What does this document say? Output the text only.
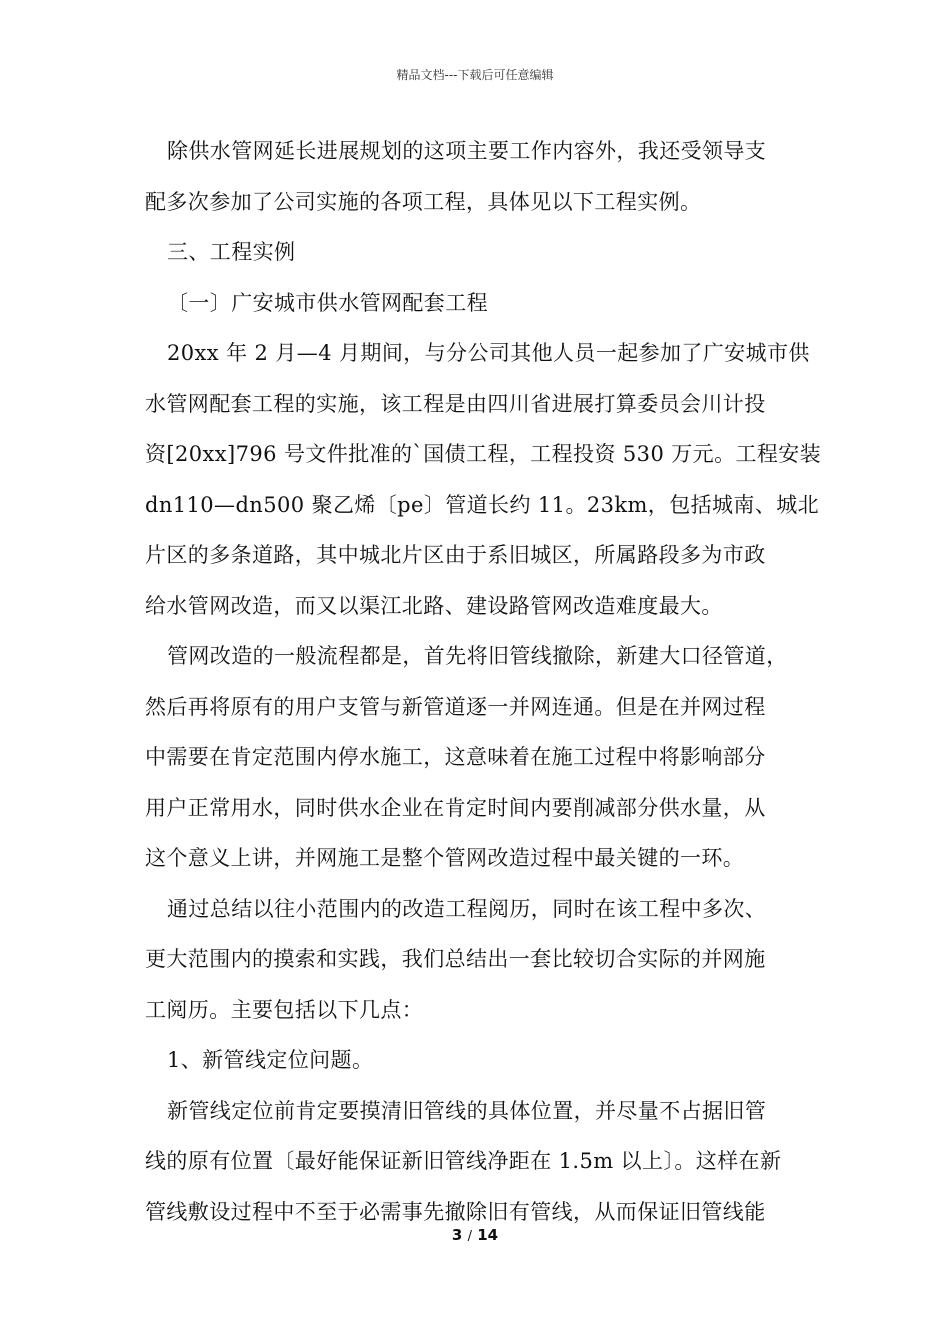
精品文档---下载后可任意编辑
除供水管网延长进展规划的这项主要工作内容外，我还受领导支
配多次参加了公司实施的各项工程，具体见以下工程实例。
三、工程实例
〔一〕广安城市供水管网配套工程
20xx 年 2 月—4 月期间，与分公司其他人员一起参加了广安城市供
水管网配套工程的实施，该工程是由四川省进展打算委员会川计投
资[20xx]796 号文件批准的`国债工程，工程投资 530 万元。工程安装
dn110—dn500 聚乙烯〔pe〕管道长约 11。23km，包括城南、城北
片区的多条道路，其中城北片区由于系旧城区，所属路段多为市政
给水管网改造，而又以渠江北路、建设路管网改造难度最大。
管网改造的一般流程都是，首先将旧管线撤除，新建大口径管道，
然后再将原有的用户支管与新管道逐一并网连通。但是在并网过程
中需要在肯定范围内停水施工，这意味着在施工过程中将影响部分
用户正常用水，同时供水企业在肯定时间内要削减部分供水量，从
这个意义上讲，并网施工是整个管网改造过程中最关键的一环。
通过总结以往小范围内的改造工程阅历，同时在该工程中多次、
更大范围内的摸索和实践，我们总结出一套比较切合实际的并网施
工阅历。主要包括以下几点：
1、新管线定位问题。
新管线定位前肯定要摸清旧管线的具体位置，并尽量不占据旧管
线的原有位置〔最好能保证新旧管线净距在 1.5m 以上〕。这样在新
管线敷设过程中不至于必需事先撤除旧有管线，从而保证旧管线能
3 / 14
